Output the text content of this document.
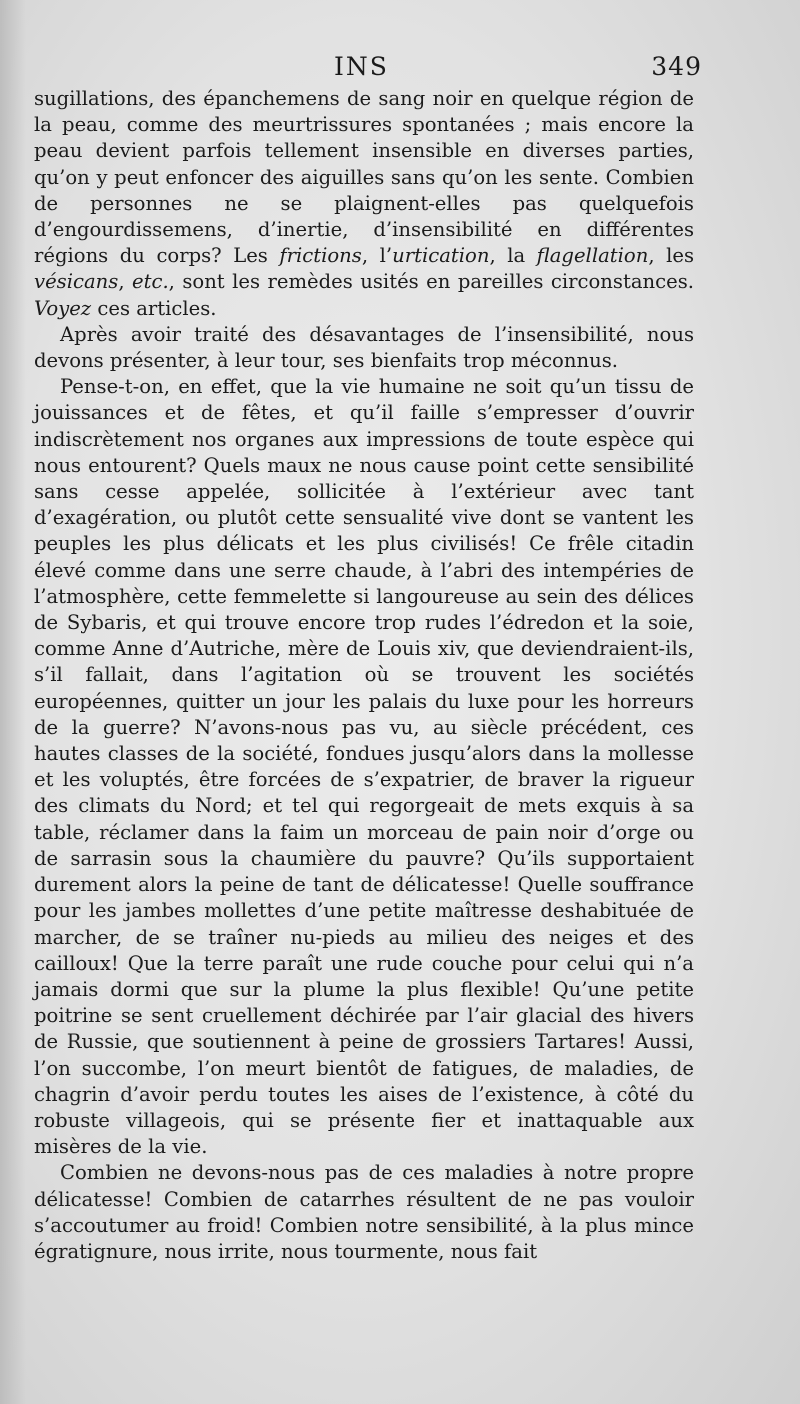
INS	349

sugillations, des épanchemens de sang noir en quelque région de la peau, comme des meurtrissures spontanées ; mais encore la peau devient parfois tellement insensible en diverses parties, qu’on y peut enfoncer des aiguilles sans qu’on les sente. Combien de personnes ne se plaignent-elles pas quelquefois d’engourdissemens, d’inertie, d’insensibilité en différentes régions du corps? Les frictions, l’urtication, la flagellation, les vésicans, etc., sont les remèdes usités en pareilles circonstances. Voyez ces articles.

Après avoir traité des désavantages de l’insensibilité, nous devons présenter, à leur tour, ses bienfaits trop méconnus.

Pense-t-on, en effet, que la vie humaine ne soit qu’un tissu de jouissances et de fêtes, et qu’il faille s’empresser d’ouvrir indiscrètement nos organes aux impressions de toute espèce qui nous entourent? Quels maux ne nous cause point cette sensibilité sans cesse appelée, sollicitée à l’extérieur avec tant d’exagération, ou plutôt cette sensualité vive dont se vantent les peuples les plus délicats et les plus civilisés! Ce frêle citadin élevé comme dans une serre chaude, à l’abri des intempéries de l’atmosphère, cette femmelette si langoureuse au sein des délices de Sybaris, et qui trouve encore trop rudes l’édredon et la soie, comme Anne d’Autriche, mère de Louis xiv, que deviendraient-ils, s’il fallait, dans l’agitation où se trouvent les sociétés européennes, quitter un jour les palais du luxe pour les horreurs de la guerre? N’avons-nous pas vu, au siècle précédent, ces hautes classes de la société, fondues jusqu’alors dans la mollesse et les voluptés, être forcées de s’expatrier, de braver la rigueur des climats du Nord; et tel qui regorgeait de mets exquis à sa table, réclamer dans la faim un morceau de pain noir d’orge ou de sarrasin sous la chaumière du pauvre? Qu’ils supportaient durement alors la peine de tant de délicatesse! Quelle souffrance pour les jambes mollettes d’une petite maîtresse deshabituée de marcher, de se traîner nu-pieds au milieu des neiges et des cailloux! Que la terre paraît une rude couche pour celui qui n’a jamais dormi que sur la plume la plus flexible! Qu’une petite poitrine se sent cruellement déchirée par l’air glacial des hivers de Russie, que soutiennent à peine de grossiers Tartares! Aussi, l’on succombe, l’on meurt bientôt de fatigues, de maladies, de chagrin d’avoir perdu toutes les aises de l’existence, à côté du robuste villageois, qui se présente fier et inattaquable aux misères de la vie.

Combien ne devons-nous pas de ces maladies à notre propre délicatesse! Combien de catarrhes résultent de ne pas vouloir s’accoutumer au froid! Combien notre sensibilité, à la plus mince égratignure, nous irrite, nous tourmente, nous fait
